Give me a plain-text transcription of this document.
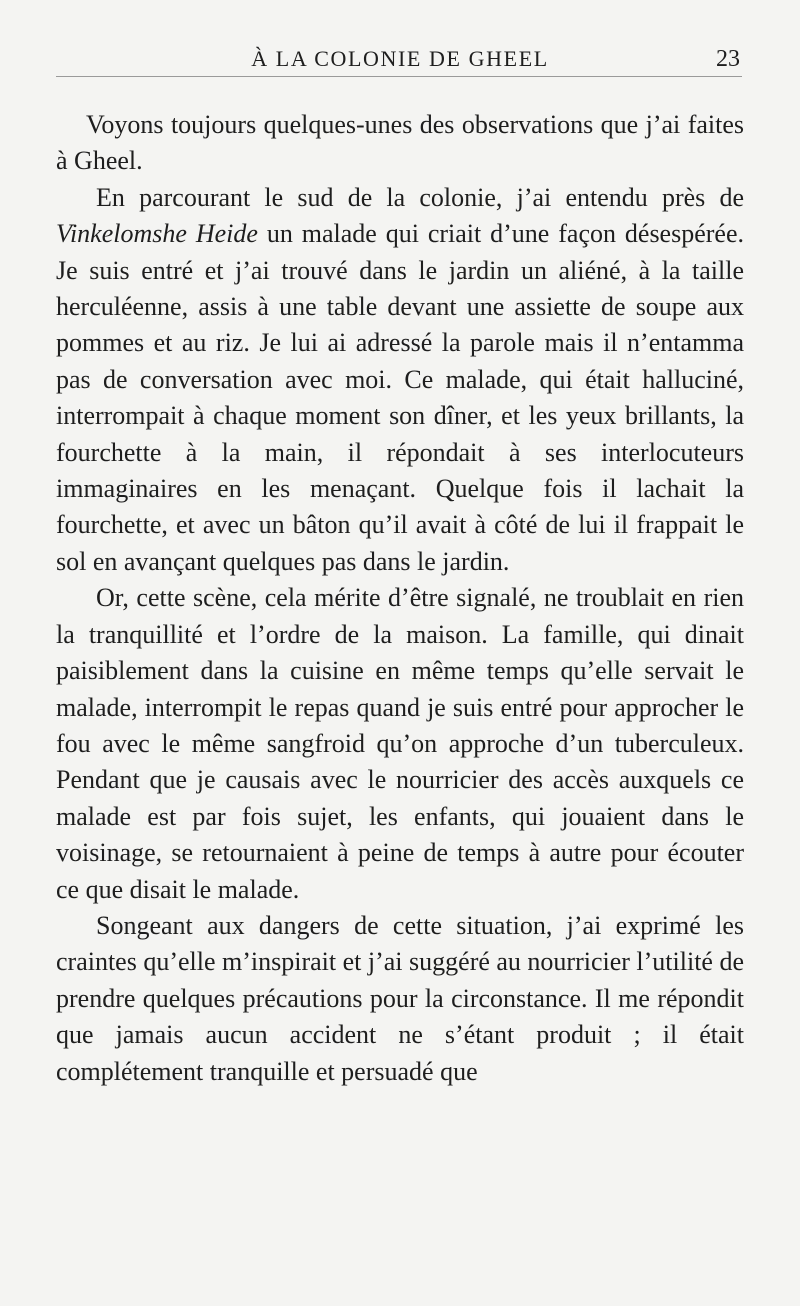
À LA COLONIE DE GHEEL	23

Voyons toujours quelques-unes des observations que j’ai faites à Gheel.

En parcourant le sud de la colonie, j’ai entendu près de Vinkelomshe Heide un malade qui criait d’une façon désespérée. Je suis entré et j’ai trouvé dans le jardin un aliéné, à la taille herculéenne, assis à une table devant une assiette de soupe aux pommes et au riz. Je lui ai adressé la parole mais il n’entamma pas de conversation avec moi. Ce malade, qui était halluciné, interrompait à chaque moment son dîner, et les yeux brillants, la fourchette à la main, il répondait à ses interlocuteurs immaginaires en les menaçant. Quelque fois il lachait la fourchette, et avec un bâton qu’il avait à côté de lui il frappait le sol en avançant quelques pas dans le jardin.

Or, cette scène, cela mérite d’être signalé, ne troublait en rien la tranquillité et l’ordre de la maison. La famille, qui dinait paisiblement dans la cuisine en même temps qu’elle servait le malade, interrompit le repas quand je suis entré pour approcher le fou avec le même sangfroid qu’on approche d’un tuberculeux. Pendant que je causais avec le nourricier des accès auxquels ce malade est par fois sujet, les enfants, qui jouaient dans le voisinage, se retournaient à peine de temps à autre pour écouter ce que disait le malade.

Songeant aux dangers de cette situation, j’ai exprimé les craintes qu’elle m’inspirait et j’ai suggéré au nourricier l’utilité de prendre quelques précautions pour la circonstance. Il me répondit que jamais aucun accident ne s’étant produit ; il était complétement tranquille et persuadé que
